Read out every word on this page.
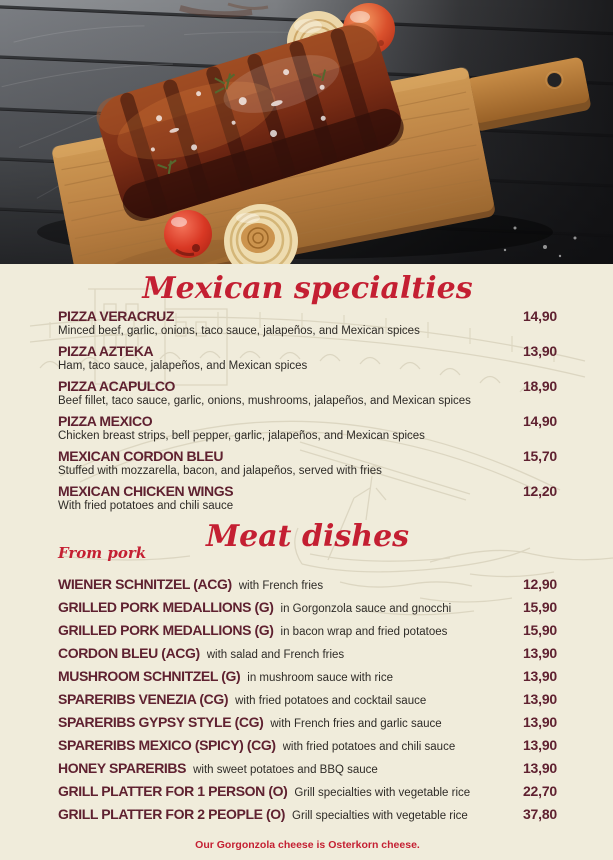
Mexican specialties
PIZZA VERACRUZ	14,90
Minced beef, garlic, onions, taco sauce, jalapeños, and Mexican spices
PIZZA AZTEKA	13,90
Ham, taco sauce, jalapeños, and Mexican spices
PIZZA ACAPULCO	18,90
Beef fillet, taco sauce, garlic, onions, mushrooms, jalapeños, and Mexican spices
PIZZA MEXICO	14,90
Chicken breast strips, bell pepper, garlic, jalapeños, and Mexican spices
MEXICAN CORDON BLEU	15,70
Stuffed with mozzarella, bacon, and jalapeños, served with fries
MEXICAN CHICKEN WINGS	12,20
With fried potatoes and chili sauce
Meat dishes
From pork
WIENER SCHNITZEL (ACG) with French fries	12,90
GRILLED PORK MEDALLIONS (G) in Gorgonzola sauce and gnocchi	15,90
GRILLED PORK MEDALLIONS (G) in bacon wrap and fried potatoes	15,90
CORDON BLEU (ACG) with salad and French fries	13,90
MUSHROOM SCHNITZEL (G) in mushroom sauce with rice	13,90
SPARERIBS VENEZIA (CG) with fried potatoes and cocktail sauce	13,90
SPARERIBS GYPSY STYLE (CG) with French fries and garlic sauce	13,90
SPARERIBS MEXICO (SPICY) (CG) with fried potatoes and chili sauce	13,90
HONEY SPARERIBS with sweet potatoes and BBQ sauce	13,90
GRILL PLATTER FOR 1 PERSON (O) Grill specialties with vegetable rice	22,70
GRILL PLATTER FOR 2 PEOPLE (O) Grill specialties with vegetable rice	37,80
Our Gorgonzola cheese is Osterkorn cheese.
